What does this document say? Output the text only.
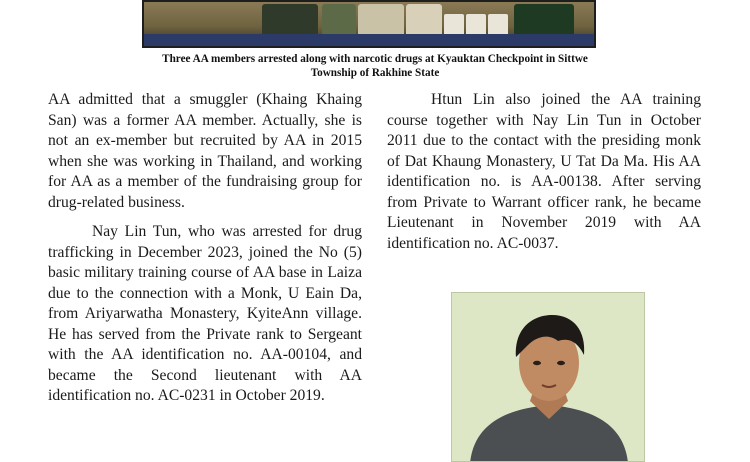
Three AA members arrested along with narcotic drugs at Kyauktan Checkpoint in Sittwe
Township of Rakhine State

AA admitted that a smuggler (Khaing Khaing San) was a former AA member. Actually, she is not an ex-member but recruited by AA in 2015 when she was working in Thailand, and working for AA as a member of the fundraising group for drug-related business.

Nay Lin Tun, who was arrested for drug trafficking in December 2023, joined the No (5) basic military training course of AA base in Laiza due to the connection with a Monk, U Eain Da, from Ariyarwatha Monastery, KyiteAnn village. He has served from the Private rank to Sergeant with the AA identification no. AA-00104, and became the Second lieutenant with AA identification no. AC-0231 in October 2019.

Htun Lin also joined the AA training course together with Nay Lin Tun in October 2011 due to the contact with the presiding monk of Dat Khaung Monastery, U Tat Da Ma. His AA identification no. is AA-00138. After serving from Private to Warrant officer rank, he became Lieutenant in November 2019 with AA identification no. AC-0037.
